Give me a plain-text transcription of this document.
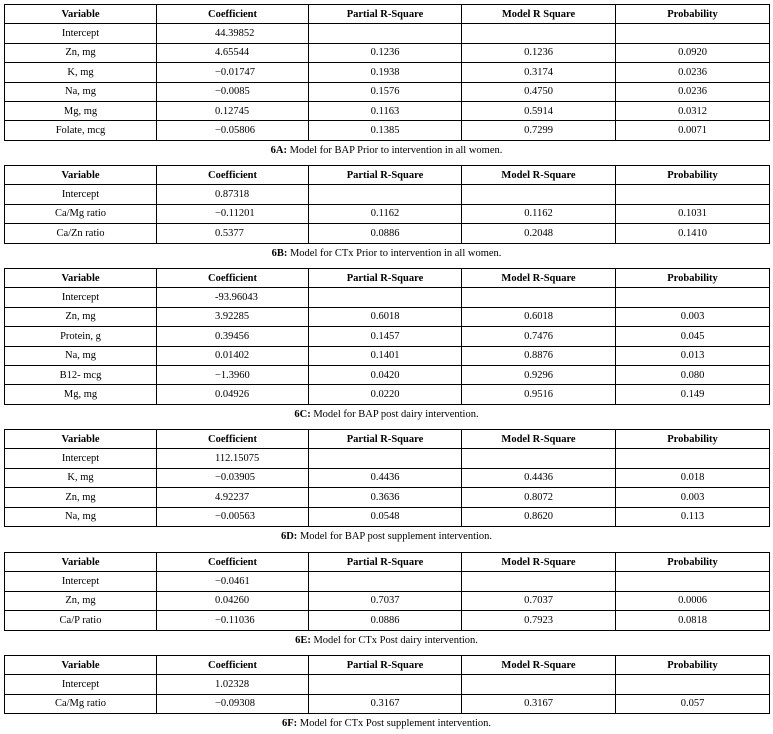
Variable	Coefficient	Partial R-Square	Model R Square	Probability
Intercept	44.39852			
Zn, mg	4.65544	0.1236	0.1236	0.0920
K, mg	−0.01747	0.1938	0.3174	0.0236
Na, mg	−0.0085	0.1576	0.4750	0.0236
Mg, mg	0.12745	0.1163	0.5914	0.0312
Folate, mcg	−0.05806	0.1385	0.7299	0.0071
6A: Model for BAP Prior to intervention in all women.
Variable	Coefficient	Partial R-Square	Model R-Square	Probability
Intercept	0.87318			
Ca/Mg ratio	−0.11201	0.1162	0.1162	0.1031
Ca/Zn ratio	0.5377	0.0886	0.2048	0.1410
6B: Model for CTx Prior to intervention in all women.
Variable	Coefficient	Partial R-Square	Model R-Square	Probability
Intercept	-93.96043			
Zn, mg	3.92285	0.6018	0.6018	0.003
Protein, g	0.39456	0.1457	0.7476	0.045
Na, mg	0.01402	0.1401	0.8876	0.013
B12- mcg	−1.3960	0.0420	0.9296	0.080
Mg, mg	0.04926	0.0220	0.9516	0.149
6C: Model for BAP post dairy intervention.
Variable	Coefficient	Partial R-Square	Model R-Square	Probability
Intercept	112.15075			
K, mg	−0.03905	0.4436	0.4436	0.018
Zn, mg	4.92237	0.3636	0.8072	0.003
Na, mg	−0.00563	0.0548	0.8620	0.113
6D: Model for BAP post supplement intervention.
Variable	Coefficient	Partial R-Square	Model R-Square	Probability
Intercept	−0.0461			
Zn, mg	0.04260	0.7037	0.7037	0.0006
Ca/P ratio	−0.11036	0.0886	0.7923	0.0818
6E: Model for CTx Post dairy intervention.
Variable	Coefficient	Partial R-Square	Model R-Square	Probability
Intercept	1.02328			
Ca/Mg ratio	−0.09308	0.3167	0.3167	0.057
6F: Model for CTx Post supplement intervention.
